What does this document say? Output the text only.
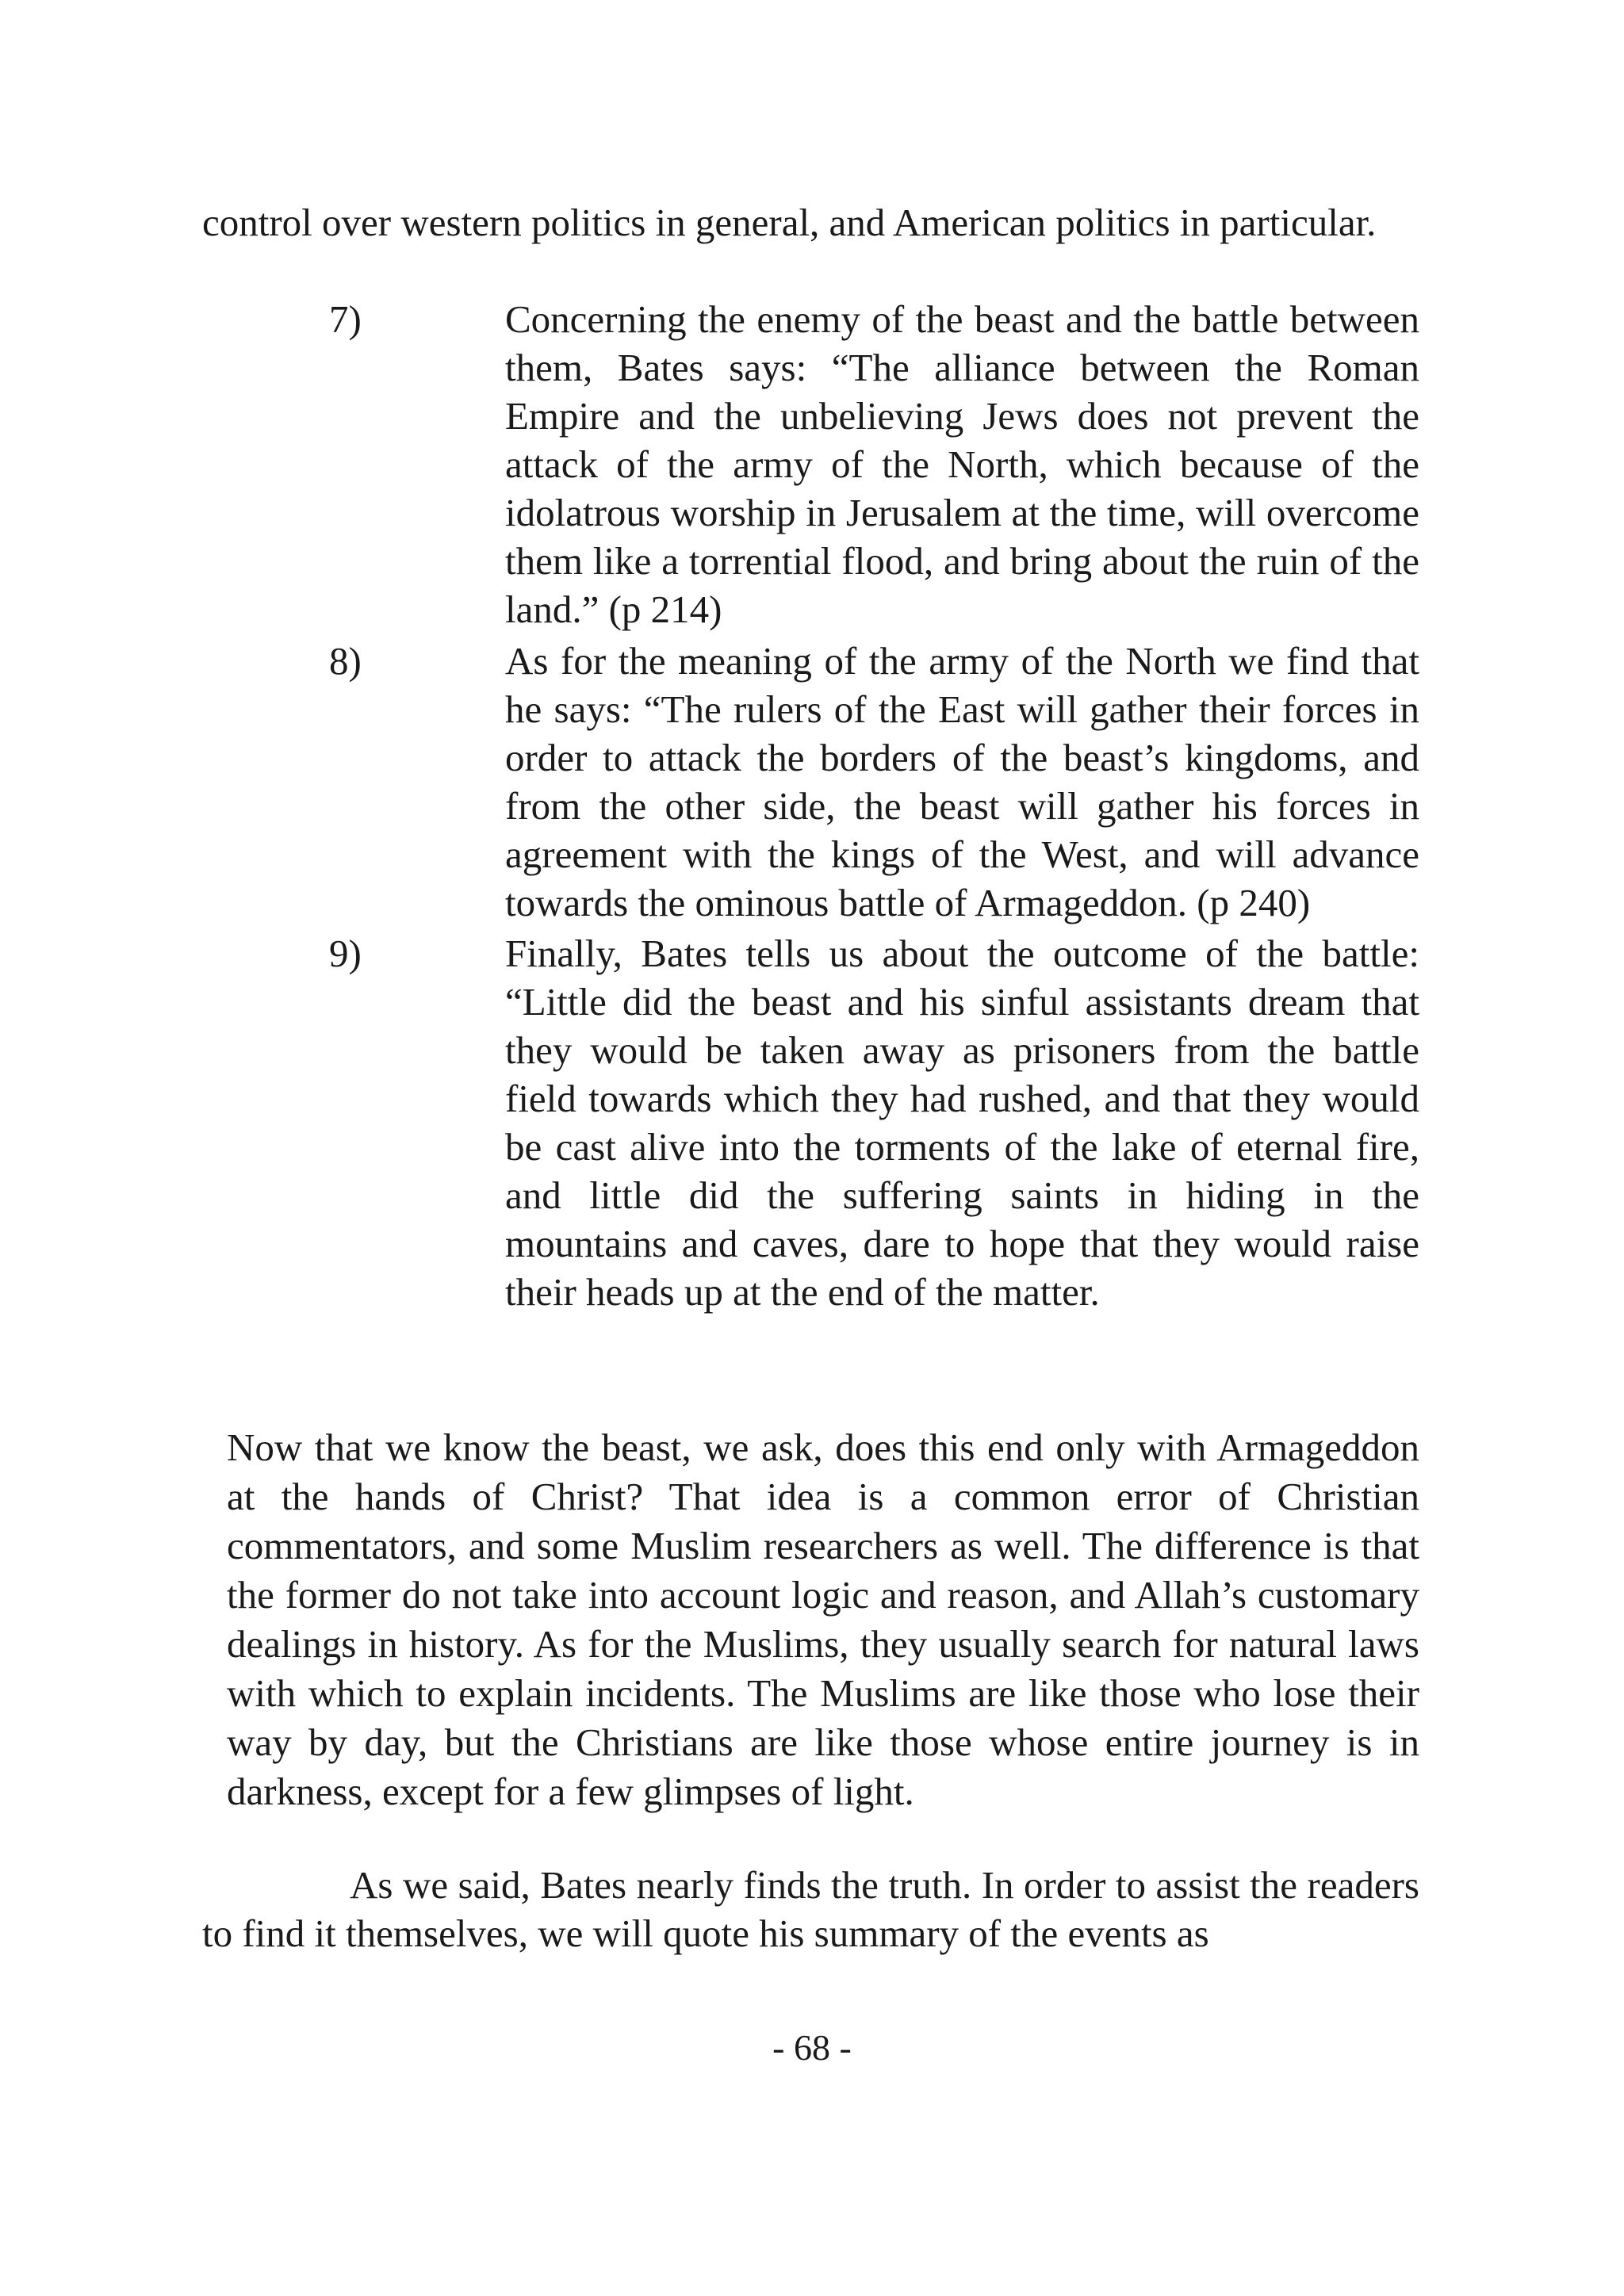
control over western politics in general, and American politics in particular.

7)	Concerning the enemy of the beast and the battle between them, Bates says: “The alliance between the Roman Empire and the unbelieving Jews does not prevent the attack of the army of the North, which because of the idolatrous worship in Jerusalem at the time, will overcome them like a torrential flood, and bring about the ruin of the land.” (p 214)

8)	As for the meaning of the army of the North we find that he says: “The rulers of the East will gather their forces in order to attack the borders of the beast’s kingdoms, and from the other side, the beast will gather his forces in agreement with the kings of the West, and will advance towards the ominous battle of Armageddon. (p 240)

9)	Finally, Bates tells us about the outcome of the battle: “Little did the beast and his sinful assistants dream that they would be taken away as prisoners from the battle field towards which they had rushed, and that they would be cast alive into the torments of the lake of eternal fire, and little did the suffering saints in hiding in the mountains and caves, dare to hope that they would raise their heads up at the end of the matter.

Now that we know the beast, we ask, does this end only with Armageddon at the hands of Christ? That idea is a common error of Christian commentators, and some Muslim researchers as well. The difference is that the former do not take into account logic and reason, and Allah’s customary dealings in history. As for the Muslims, they usually search for natural laws with which to explain incidents. The Muslims are like those who lose their way by day, but the Christians are like those whose entire journey is in darkness, except for a few glimpses of light.

As we said, Bates nearly finds the truth. In order to assist the readers to find it themselves, we will quote his summary of the events as

- 68 -
